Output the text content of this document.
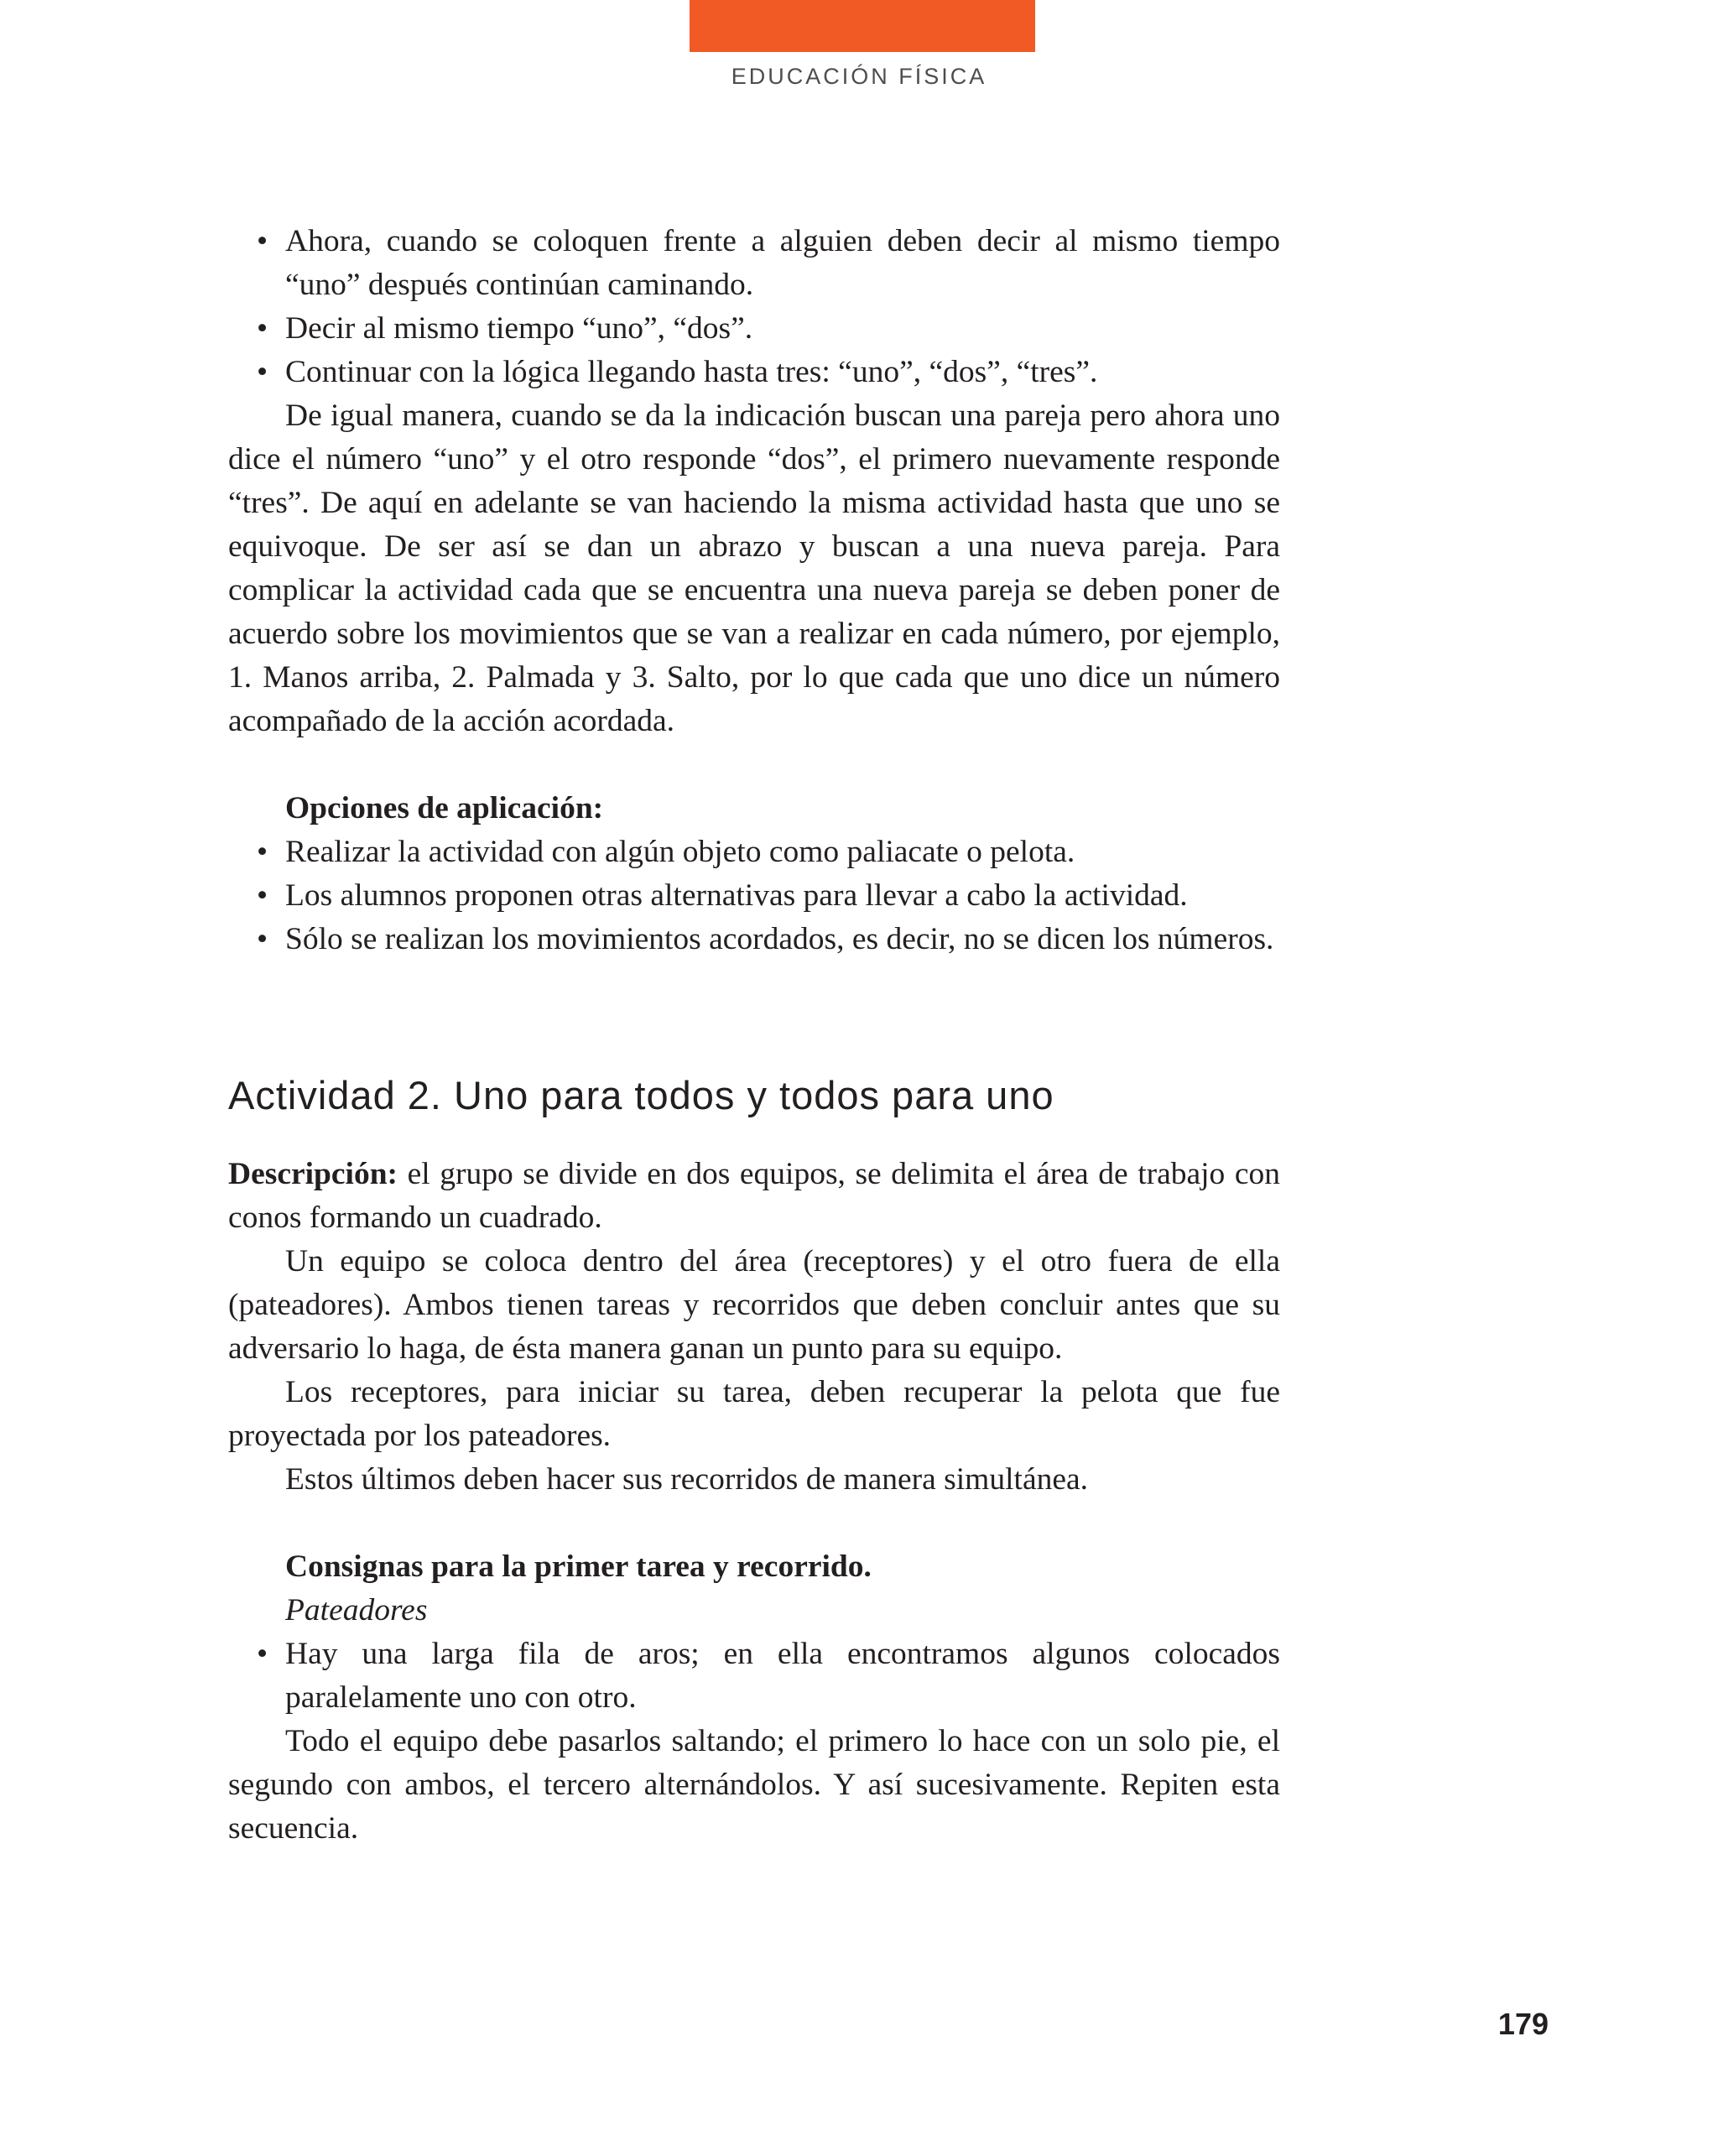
EDUCACIÓN FÍSICA
• Ahora, cuando se coloquen frente a alguien deben decir al mismo tiempo “uno” después continúan caminando.
• Decir al mismo tiempo “uno”, “dos”.
• Continuar con la lógica llegando hasta tres: “uno”, “dos”, “tres”.

De igual manera, cuando se da la indicación buscan una pareja pero ahora uno dice el número “uno” y el otro responde “dos”, el primero nuevamente responde “tres”. De aquí en adelante se van haciendo la misma actividad hasta que uno se equivoque. De ser así se dan un abrazo y buscan a una nueva pareja. Para complicar la actividad cada que se encuentra una nueva pareja se deben poner de acuerdo sobre los movimientos que se van a realizar en cada número, por ejemplo, 1. Manos arriba, 2. Palmada y 3. Salto, por lo que cada que uno dice un número acompañado de la acción acordada.

Opciones de aplicación:

• Realizar la actividad con algún objeto como paliacate o pelota.
• Los alumnos proponen otras alternativas para llevar a cabo la actividad.
• Sólo se realizan los movimientos acordados, es decir, no se dicen los números.
Actividad 2. Uno para todos y todos para uno

Descripción: el grupo se divide en dos equipos, se delimita el área de trabajo con conos formando un cuadrado.

Un equipo se coloca dentro del área (receptores) y el otro fuera de ella (pateadores). Ambos tienen tareas y recorridos que deben concluir antes que su adversario lo haga, de ésta manera ganan un punto para su equipo.

Los receptores, para iniciar su tarea, deben recuperar la pelota que fue proyectada por los pateadores.

Estos últimos deben hacer sus recorridos de manera simultánea.

Consignas para la primer tarea y recorrido.

Pateadores

• Hay una larga fila de aros; en ella encontramos algunos colocados paralelamente uno con otro.

Todo el equipo debe pasarlos saltando; el primero lo hace con un solo pie, el segundo con ambos, el tercero alternándolos. Y así sucesivamente. Repiten esta secuencia.

179
